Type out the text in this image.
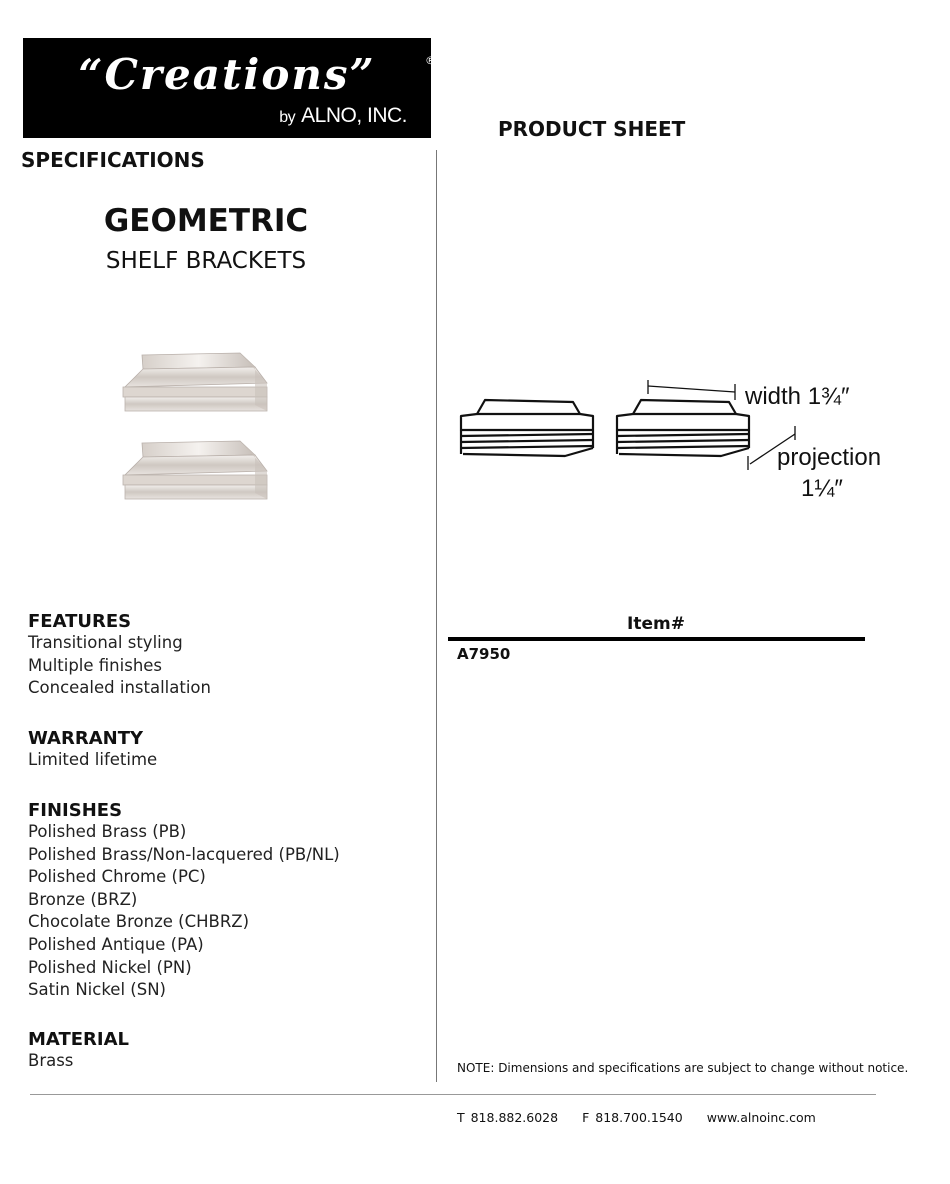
“Creations”	®
by ALNO, INC.
PRODUCT SHEET
SPECIFICATIONS
GEOMETRIC
SHELF BRACKETS
width 1¾″
projection
1¼″
FEATURES
Transitional styling
Multiple finishes
Concealed installation
WARRANTY
Limited lifetime
FINISHES
Polished Brass (PB)
Polished Brass/Non-lacquered (PB/NL)
Polished Chrome (PC)
Bronze (BRZ)
Chocolate Bronze (CHBRZ)
Polished Antique (PA)
Polished Nickel (PN)
Satin Nickel (SN)
MATERIAL
Brass
Item#
A7950
NOTE: Dimensions and specifications are subject to change without notice.
T 818.882.6028 F 818.700.1540 www.alnoinc.com
